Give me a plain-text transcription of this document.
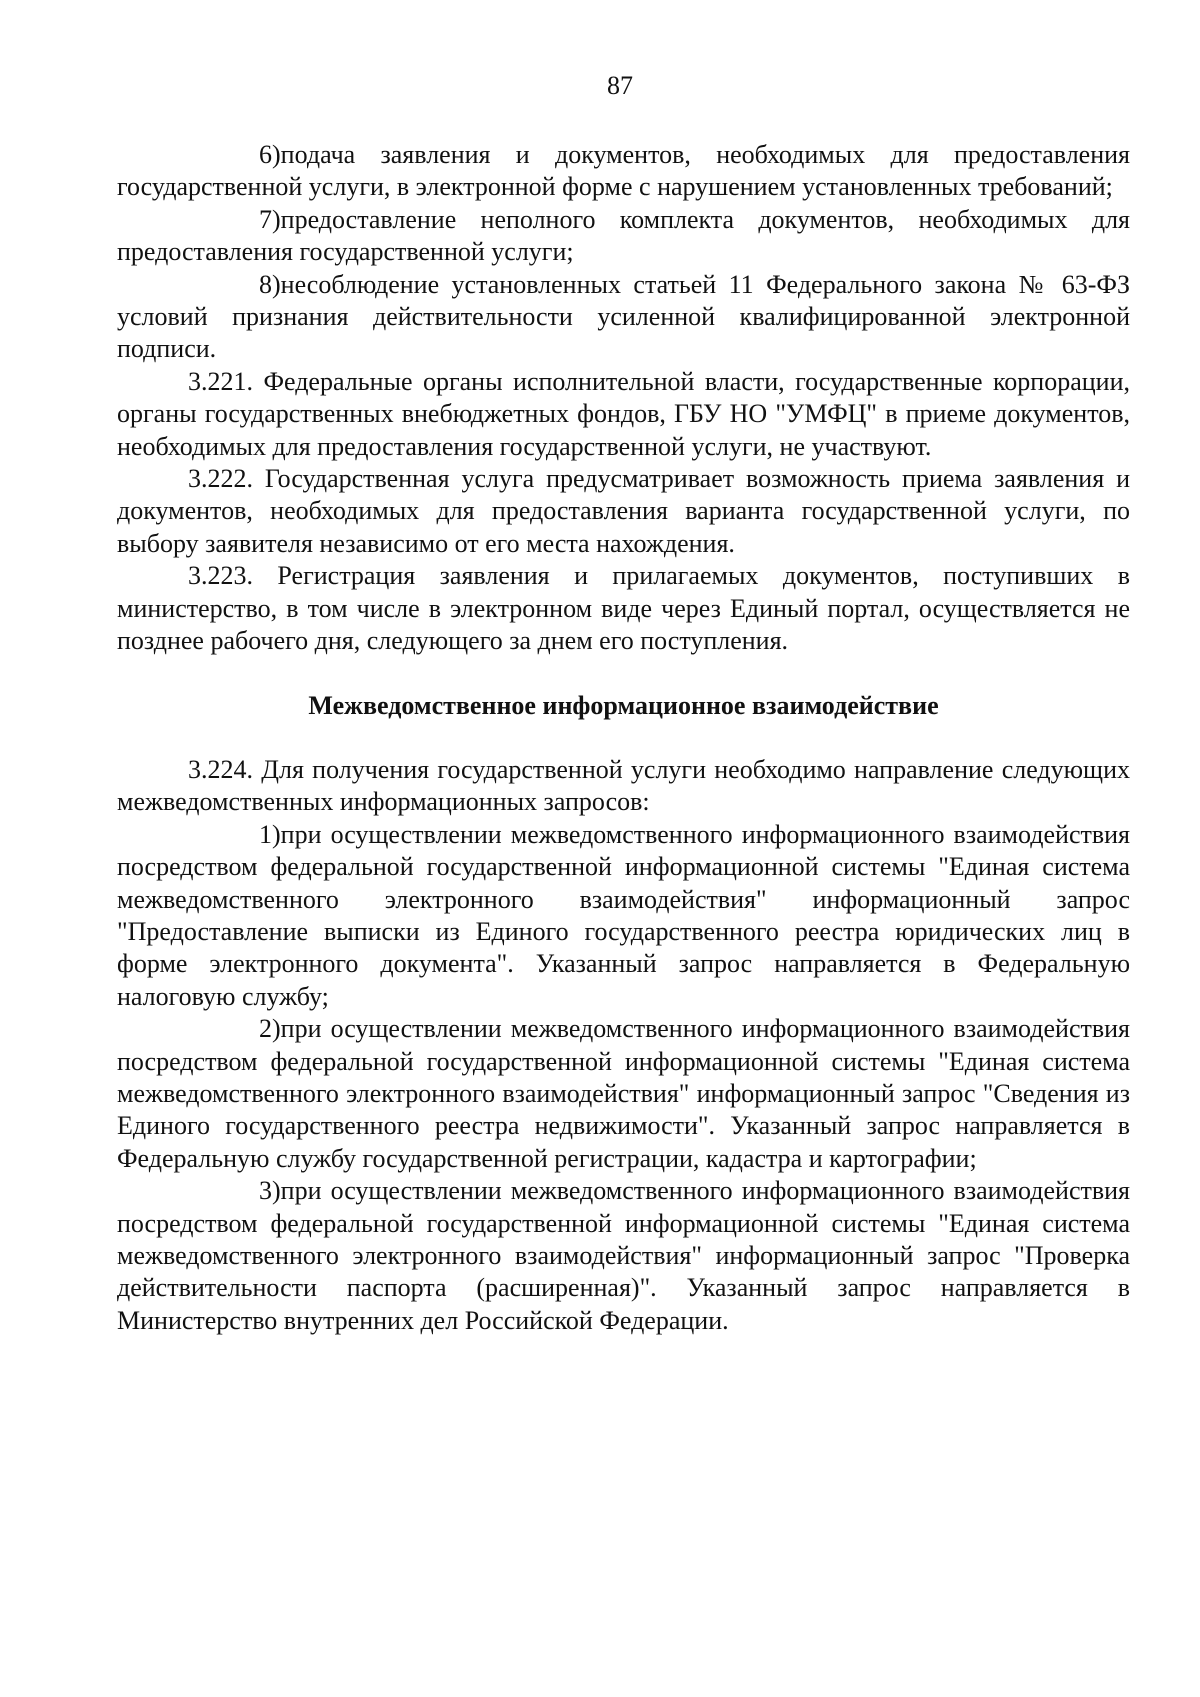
87

6)подача заявления и документов, необходимых для предоставления государственной услуги, в электронной форме с нарушением установленных требований;

7)предоставление неполного комплекта документов, необходимых для предоставления государственной услуги;

8)несоблюдение установленных статьей 11 Федерального закона № 63-ФЗ условий признания действительности усиленной квалифицированной электронной подписи.

3.221. Федеральные органы исполнительной власти, государственные корпорации, органы государственных внебюджетных фондов, ГБУ НО "УМФЦ" в приеме документов, необходимых для предоставления государственной услуги, не участвуют.

3.222. Государственная услуга предусматривает возможность приема заявления и документов, необходимых для предоставления варианта государственной услуги, по выбору заявителя независимо от его места нахождения.

3.223. Регистрация заявления и прилагаемых документов, поступивших в министерство, в том числе в электронном виде через Единый портал, осуществляется не позднее рабочего дня, следующего за днем его поступления.

Межведомственное информационное взаимодействие

3.224. Для получения государственной услуги необходимо направление следующих межведомственных информационных запросов:

1)при осуществлении межведомственного информационного взаимодействия посредством федеральной государственной информационной системы "Единая система межведомственного электронного взаимодействия" информационный запрос "Предоставление выписки из Единого государственного реестра юридических лиц в форме электронного документа". Указанный запрос направляется в Федеральную налоговую службу;

2)при осуществлении межведомственного информационного взаимодействия посредством федеральной государственной информационной системы "Единая система межведомственного электронного взаимодействия" информационный запрос "Сведения из Единого государственного реестра недвижимости". Указанный запрос направляется в Федеральную службу государственной регистрации, кадастра и картографии;

3)при осуществлении межведомственного информационного взаимодействия посредством федеральной государственной информационной системы "Единая система межведомственного электронного взаимодействия" информационный запрос "Проверка действительности паспорта (расширенная)". Указанный запрос направляется в Министерство внутренних дел Российской Федерации.
